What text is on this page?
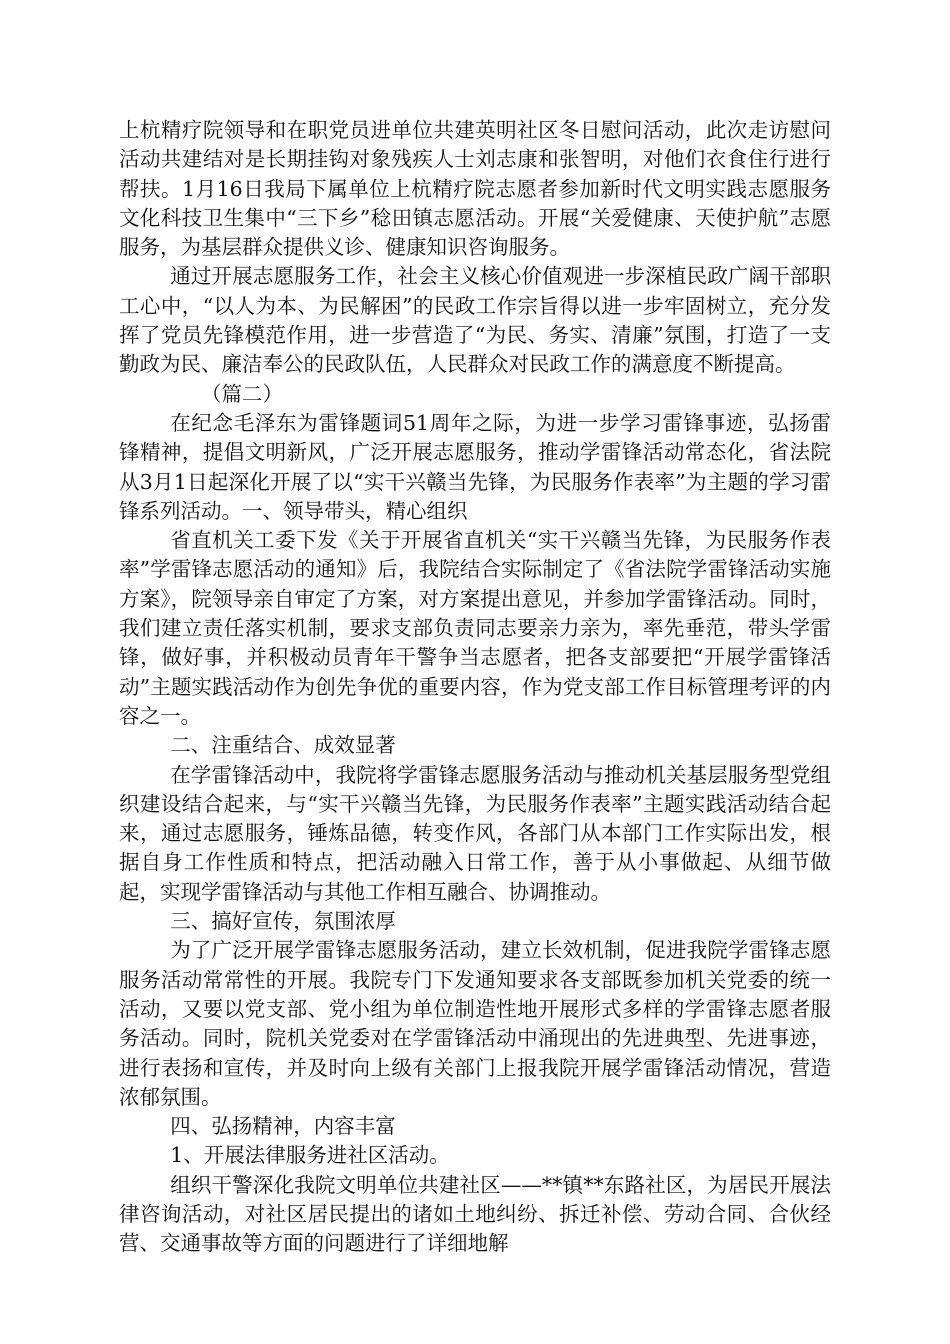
上杭精疗院领导和在职党员进单位共建英明社区冬日慰问活动，此次走访慰问活动共建结对是长期挂钩对象残疾人士刘志康和张智明，对他们衣食住行进行帮扶。1月16日我局下属单位上杭精疗院志愿者参加新时代文明实践志愿服务文化科技卫生集中“三下乡”稔田镇志愿活动。开展“关爱健康、天使护航”志愿服务，为基层群众提供义诊、健康知识咨询服务。

通过开展志愿服务工作，社会主义核心价值观进一步深植民政广阔干部职工心中，“以人为本、为民解困”的民政工作宗旨得以进一步牢固树立，充分发挥了党员先锋模范作用，进一步营造了“为民、务实、清廉”氛围，打造了一支勤政为民、廉洁奉公的民政队伍，人民群众对民政工作的满意度不断提高。

（篇二）

在纪念毛泽东为雷锋题词51周年之际，为进一步学习雷锋事迹，弘扬雷锋精神，提倡文明新风，广泛开展志愿服务，推动学雷锋活动常态化，省法院从3月1日起深化开展了以“实干兴赣当先锋，为民服务作表率”为主题的学习雷锋系列活动。一、领导带头，精心组织

省直机关工委下发《关于开展省直机关“实干兴赣当先锋，为民服务作表率”学雷锋志愿活动的通知》后，我院结合实际制定了《省法院学雷锋活动实施方案》，院领导亲自审定了方案，对方案提出意见，并参加学雷锋活动。同时，我们建立责任落实机制，要求支部负责同志要亲力亲为，率先垂范，带头学雷锋，做好事，并积极动员青年干警争当志愿者，把各支部要把“开展学雷锋活动”主题实践活动作为创先争优的重要内容，作为党支部工作目标管理考评的内容之一。

二、注重结合、成效显著

在学雷锋活动中，我院将学雷锋志愿服务活动与推动机关基层服务型党组织建设结合起来，与“实干兴赣当先锋，为民服务作表率”主题实践活动结合起来，通过志愿服务，锤炼品德，转变作风，各部门从本部门工作实际出发，根据自身工作性质和特点，把活动融入日常工作，善于从小事做起、从细节做起，实现学雷锋活动与其他工作相互融合、协调推动。

三、搞好宣传，氛围浓厚

为了广泛开展学雷锋志愿服务活动，建立长效机制，促进我院学雷锋志愿服务活动常常性的开展。我院专门下发通知要求各支部既参加机关党委的统一活动，又要以党支部、党小组为单位制造性地开展形式多样的学雷锋志愿者服务活动。同时，院机关党委对在学雷锋活动中涌现出的先进典型、先进事迹，进行表扬和宣传，并及时向上级有关部门上报我院开展学雷锋活动情况，营造浓郁氛围。

四、弘扬精神，内容丰富

1、开展法律服务进社区活动。

组织干警深化我院文明单位共建社区——**镇**东路社区，为居民开展法律咨询活动，对社区居民提出的诸如土地纠纷、拆迁补偿、劳动合同、合伙经营、交通事故等方面的问题进行了详细地解
